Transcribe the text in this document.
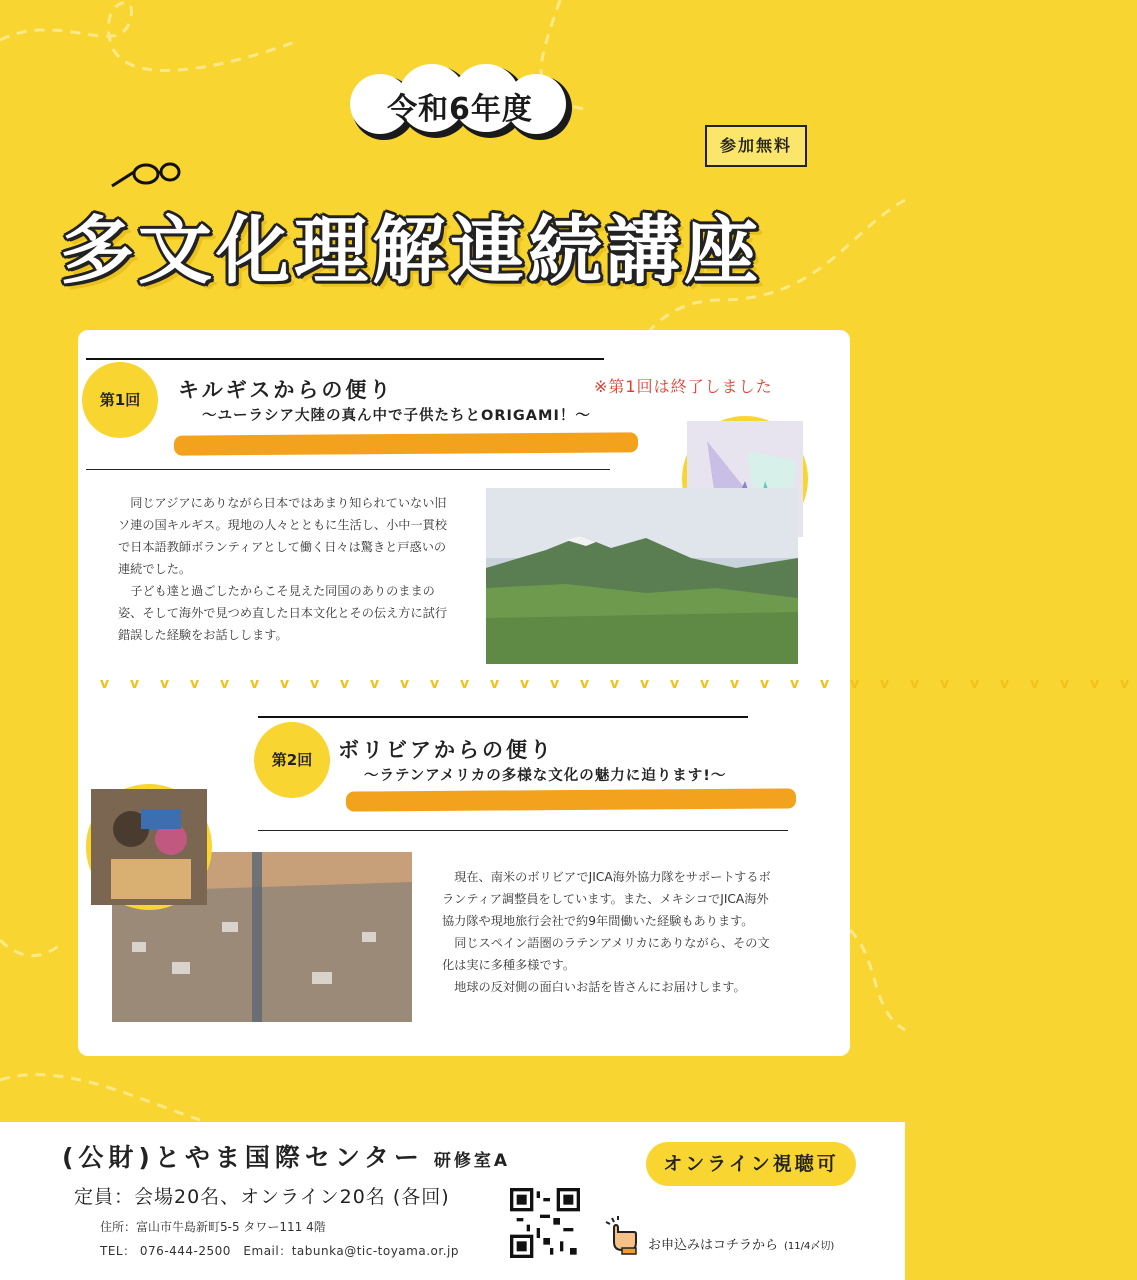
令和6年度
参加無料
多文化理解連続講座
第1回	キルギスからの便り	※第1回は終了しました
～ユーラシア大陸の真ん中で子供たちとORIGAMI！～

同じアジアにありながら日本ではあまり知られていない旧ソ連の国キルギス。現地の人々とともに生活し、小中一貫校で日本語教師ボランティアとして働く日々は驚きと戸惑いの連続でした。

子ども達と過ごしたからこそ見えた同国のありのままの姿、そして海外で見つめ直した日本文化とその伝え方に試行錯誤した経験をお話しします。

第2回	ボリビアからの便り
～ラテンアメリカの多様な文化の魅力に迫ります!～

現在、南米のボリビアでJICA海外協力隊をサポートするボランティア調整員をしています。また、メキシコでJICA海外協力隊や現地旅行会社で約9年間働いた経験もあります。

同じスペイン語圏のラテンアメリカにありながら、その文化は実に多種多様です。

地球の反対側の面白いお話を皆さんにお届けします。

v v v v v v v v v v v v v v v v v v v v v v v v v v v v v v v v v v v
(公財)とやま国際センター 研修室A	オンライン視聴可
定員：会場20名、オンライン20名 (各回)
住所：富山市牛島新町5-5 タワー111 4階
TEL： 076-444-2500　Email：tabunka@tic-toyama.or.jp	お申込みはコチラから (11/4〆切)
